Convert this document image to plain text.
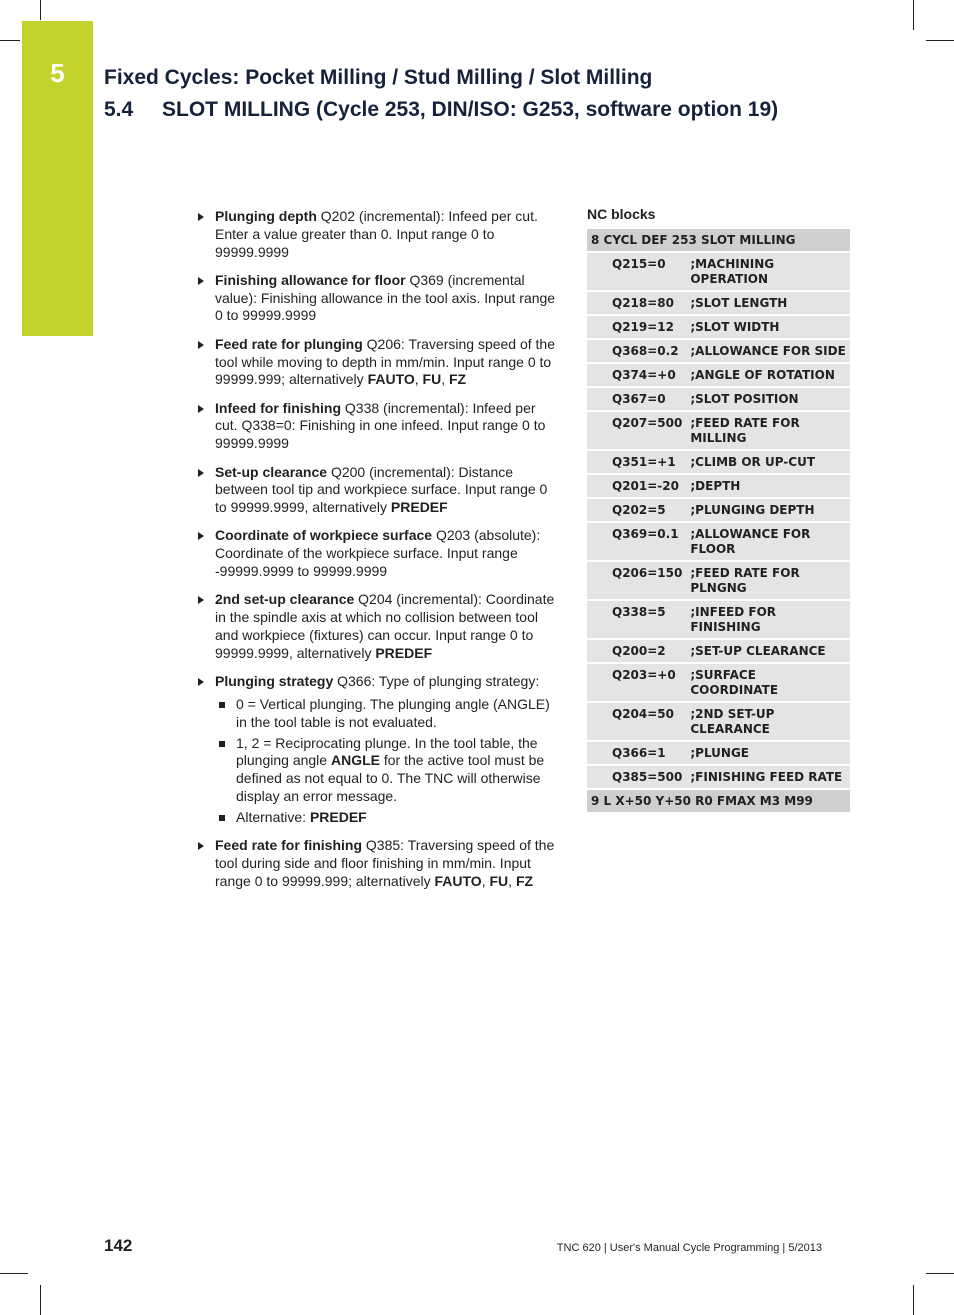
5	Fixed Cycles: Pocket Milling / Stud Milling / Slot Milling
5.4 SLOT MILLING (Cycle 253, DIN/ISO: G253, software option 19)
Plunging depth Q202 (incremental): Infeed per cut. Enter a value greater than 0. Input range 0 to 99999.9999
Finishing allowance for floor Q369 (incremental value): Finishing allowance in the tool axis. Input range 0 to 99999.9999
Feed rate for plunging Q206: Traversing speed of the tool while moving to depth in mm/min. Input range 0 to 99999.999; alternatively FAUTO, FU, FZ
Infeed for finishing Q338 (incremental): Infeed per cut. Q338=0: Finishing in one infeed. Input range 0 to 99999.9999
Set-up clearance Q200 (incremental): Distance between tool tip and workpiece surface. Input range 0 to 99999.9999, alternatively PREDEF
Coordinate of workpiece surface Q203 (absolute): Coordinate of the workpiece surface. Input range -99999.9999 to 99999.9999
2nd set-up clearance Q204 (incremental): Coordinate in the spindle axis at which no collision between tool and workpiece (fixtures) can occur. Input range 0 to 99999.9999, alternatively PREDEF
Plunging strategy Q366: Type of plunging strategy:
0 = Vertical plunging. The plunging angle (ANGLE) in the tool table is not evaluated.
1, 2 = Reciprocating plunge. In the tool table, the plunging angle ANGLE for the active tool must be defined as not equal to 0. The TNC will otherwise display an error message.
Alternative: PREDEF
Feed rate for finishing Q385: Traversing speed of the tool during side and floor finishing in mm/min. Input range 0 to 99999.999; alternatively FAUTO, FU, FZ
NC blocks
8 CYCL DEF 253 SLOT MILLING	
Q215=0	;MACHINING OPERATION
Q218=80	;SLOT LENGTH
Q219=12	;SLOT WIDTH
Q368=0.2	;ALLOWANCE FOR SIDE
Q374=+0	;ANGLE OF ROTATION
Q367=0	;SLOT POSITION
Q207=500	;FEED RATE FOR MILLING
Q351=+1	;CLIMB OR UP-CUT
Q201=-20	;DEPTH
Q202=5	;PLUNGING DEPTH
Q369=0.1	;ALLOWANCE FOR FLOOR
Q206=150	;FEED RATE FOR PLNGNG
Q338=5	;INFEED FOR FINISHING
Q200=2	;SET-UP CLEARANCE
Q203=+0	;SURFACE COORDINATE
Q204=50	;2ND SET-UP CLEARANCE
Q366=1	;PLUNGE
Q385=500	;FINISHING FEED RATE
9 L X+50 Y+50 R0 FMAX M3 M99	
142	TNC 620 | User's Manual Cycle Programming | 5/2013
